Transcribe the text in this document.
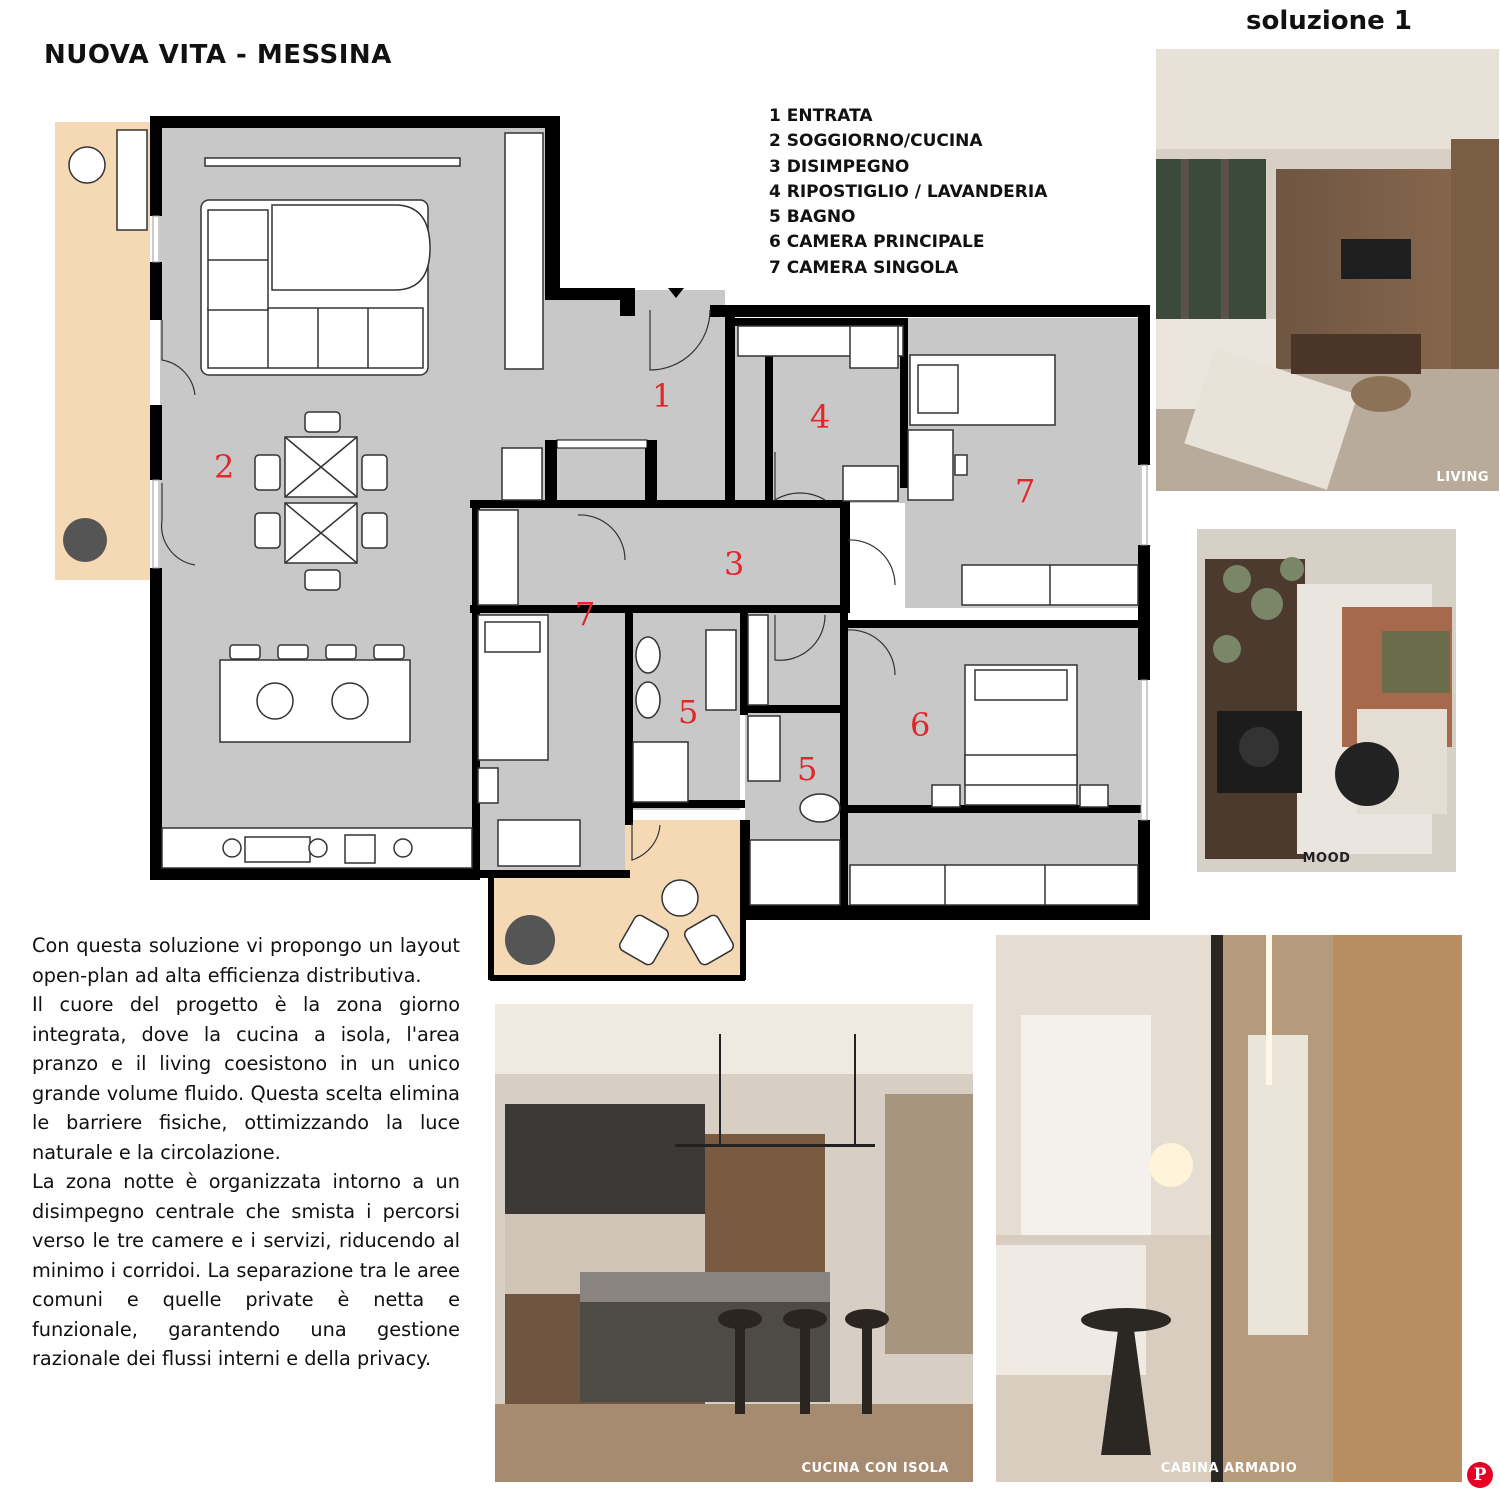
NUOVA VITA - MESSINA
soluzione 1
1 ENTRATA
2 SOGGIORNO/CUCINA
3 DISIMPEGNO
4 RIPOSTIGLIO / LAVANDERIA
5 BAGNO
6 CAMERA PRINCIPALE
7 CAMERA SINGOLA
1
2
3
4
5
5
6
7
7
LIVING
MOOD
CUCINA CON ISOLA	CABINA ARMADIO

Con questa soluzione vi propongo un layout open-plan ad alta efficienza distributiva.

Il cuore del progetto è la zona giorno integrata, dove la cucina a isola, l'area pranzo e il living coesistono in un unico grande volume fluido. Questa scelta elimina le barriere fisiche, ottimizzando la luce naturale e la circolazione.

La zona notte è organizzata intorno a un disimpegno centrale che smista i percorsi verso le tre camere e i servizi, riducendo al minimo i corridoi. La separazione tra le aree comuni e quelle private è netta e funzionale, garantendo una gestione razionale dei flussi interni e della privacy.

P
